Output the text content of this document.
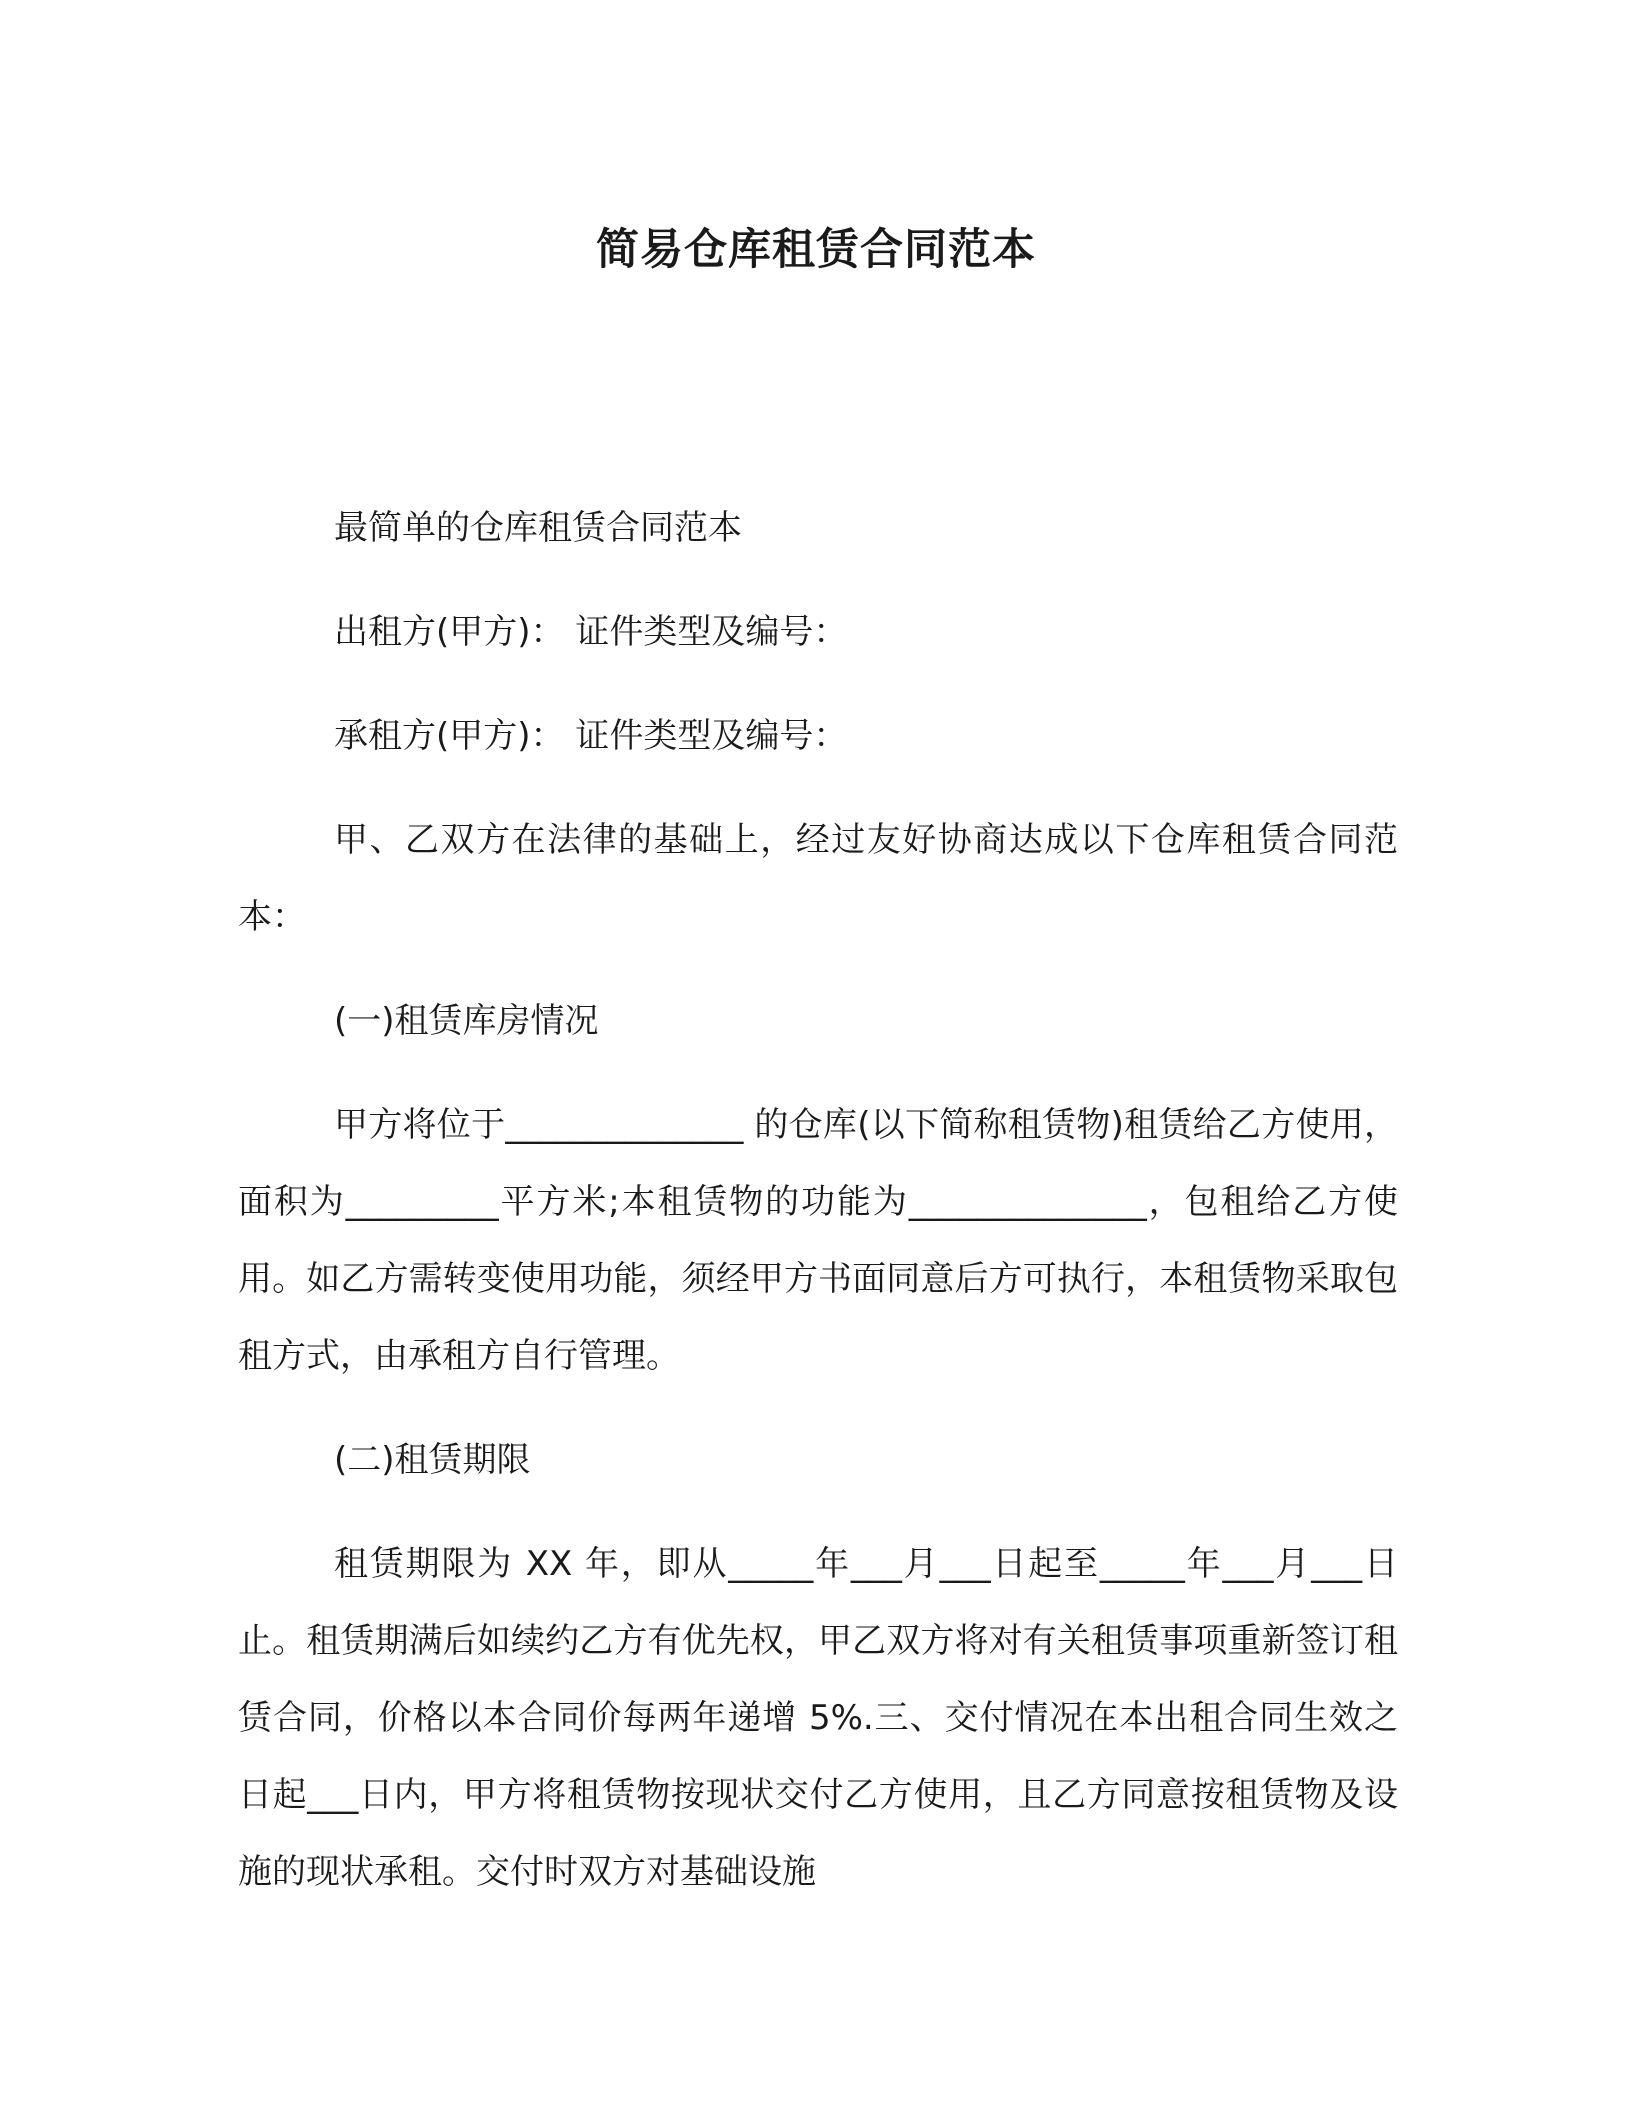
简易仓库租赁合同范本

最简单的仓库租赁合同范本

出租方(甲方)： 证件类型及编号：

承租方(甲方)： 证件类型及编号：

甲、乙双方在法律的基础上，经过友好协商达成以下仓库租赁合同范本：

(一)租赁库房情况

甲方将位于______________ 的仓库(以下简称租赁物)租赁给乙方使用，面积为_________平方米;本租赁物的功能为______________，包租给乙方使用。如乙方需转变使用功能，须经甲方书面同意后方可执行，本租赁物采取包租方式，由承租方自行管理。

(二)租赁期限

租赁期限为 XX 年，即从_____年___月___日起至_____年___月___日止。租赁期满后如续约乙方有优先权，甲乙双方将对有关租赁事项重新签订租赁合同，价格以本合同价每两年递增 5%.三、交付情况在本出租合同生效之日起___日内，甲方将租赁物按现状交付乙方使用，且乙方同意按租赁物及设施的现状承租。交付时双方对基础设施
